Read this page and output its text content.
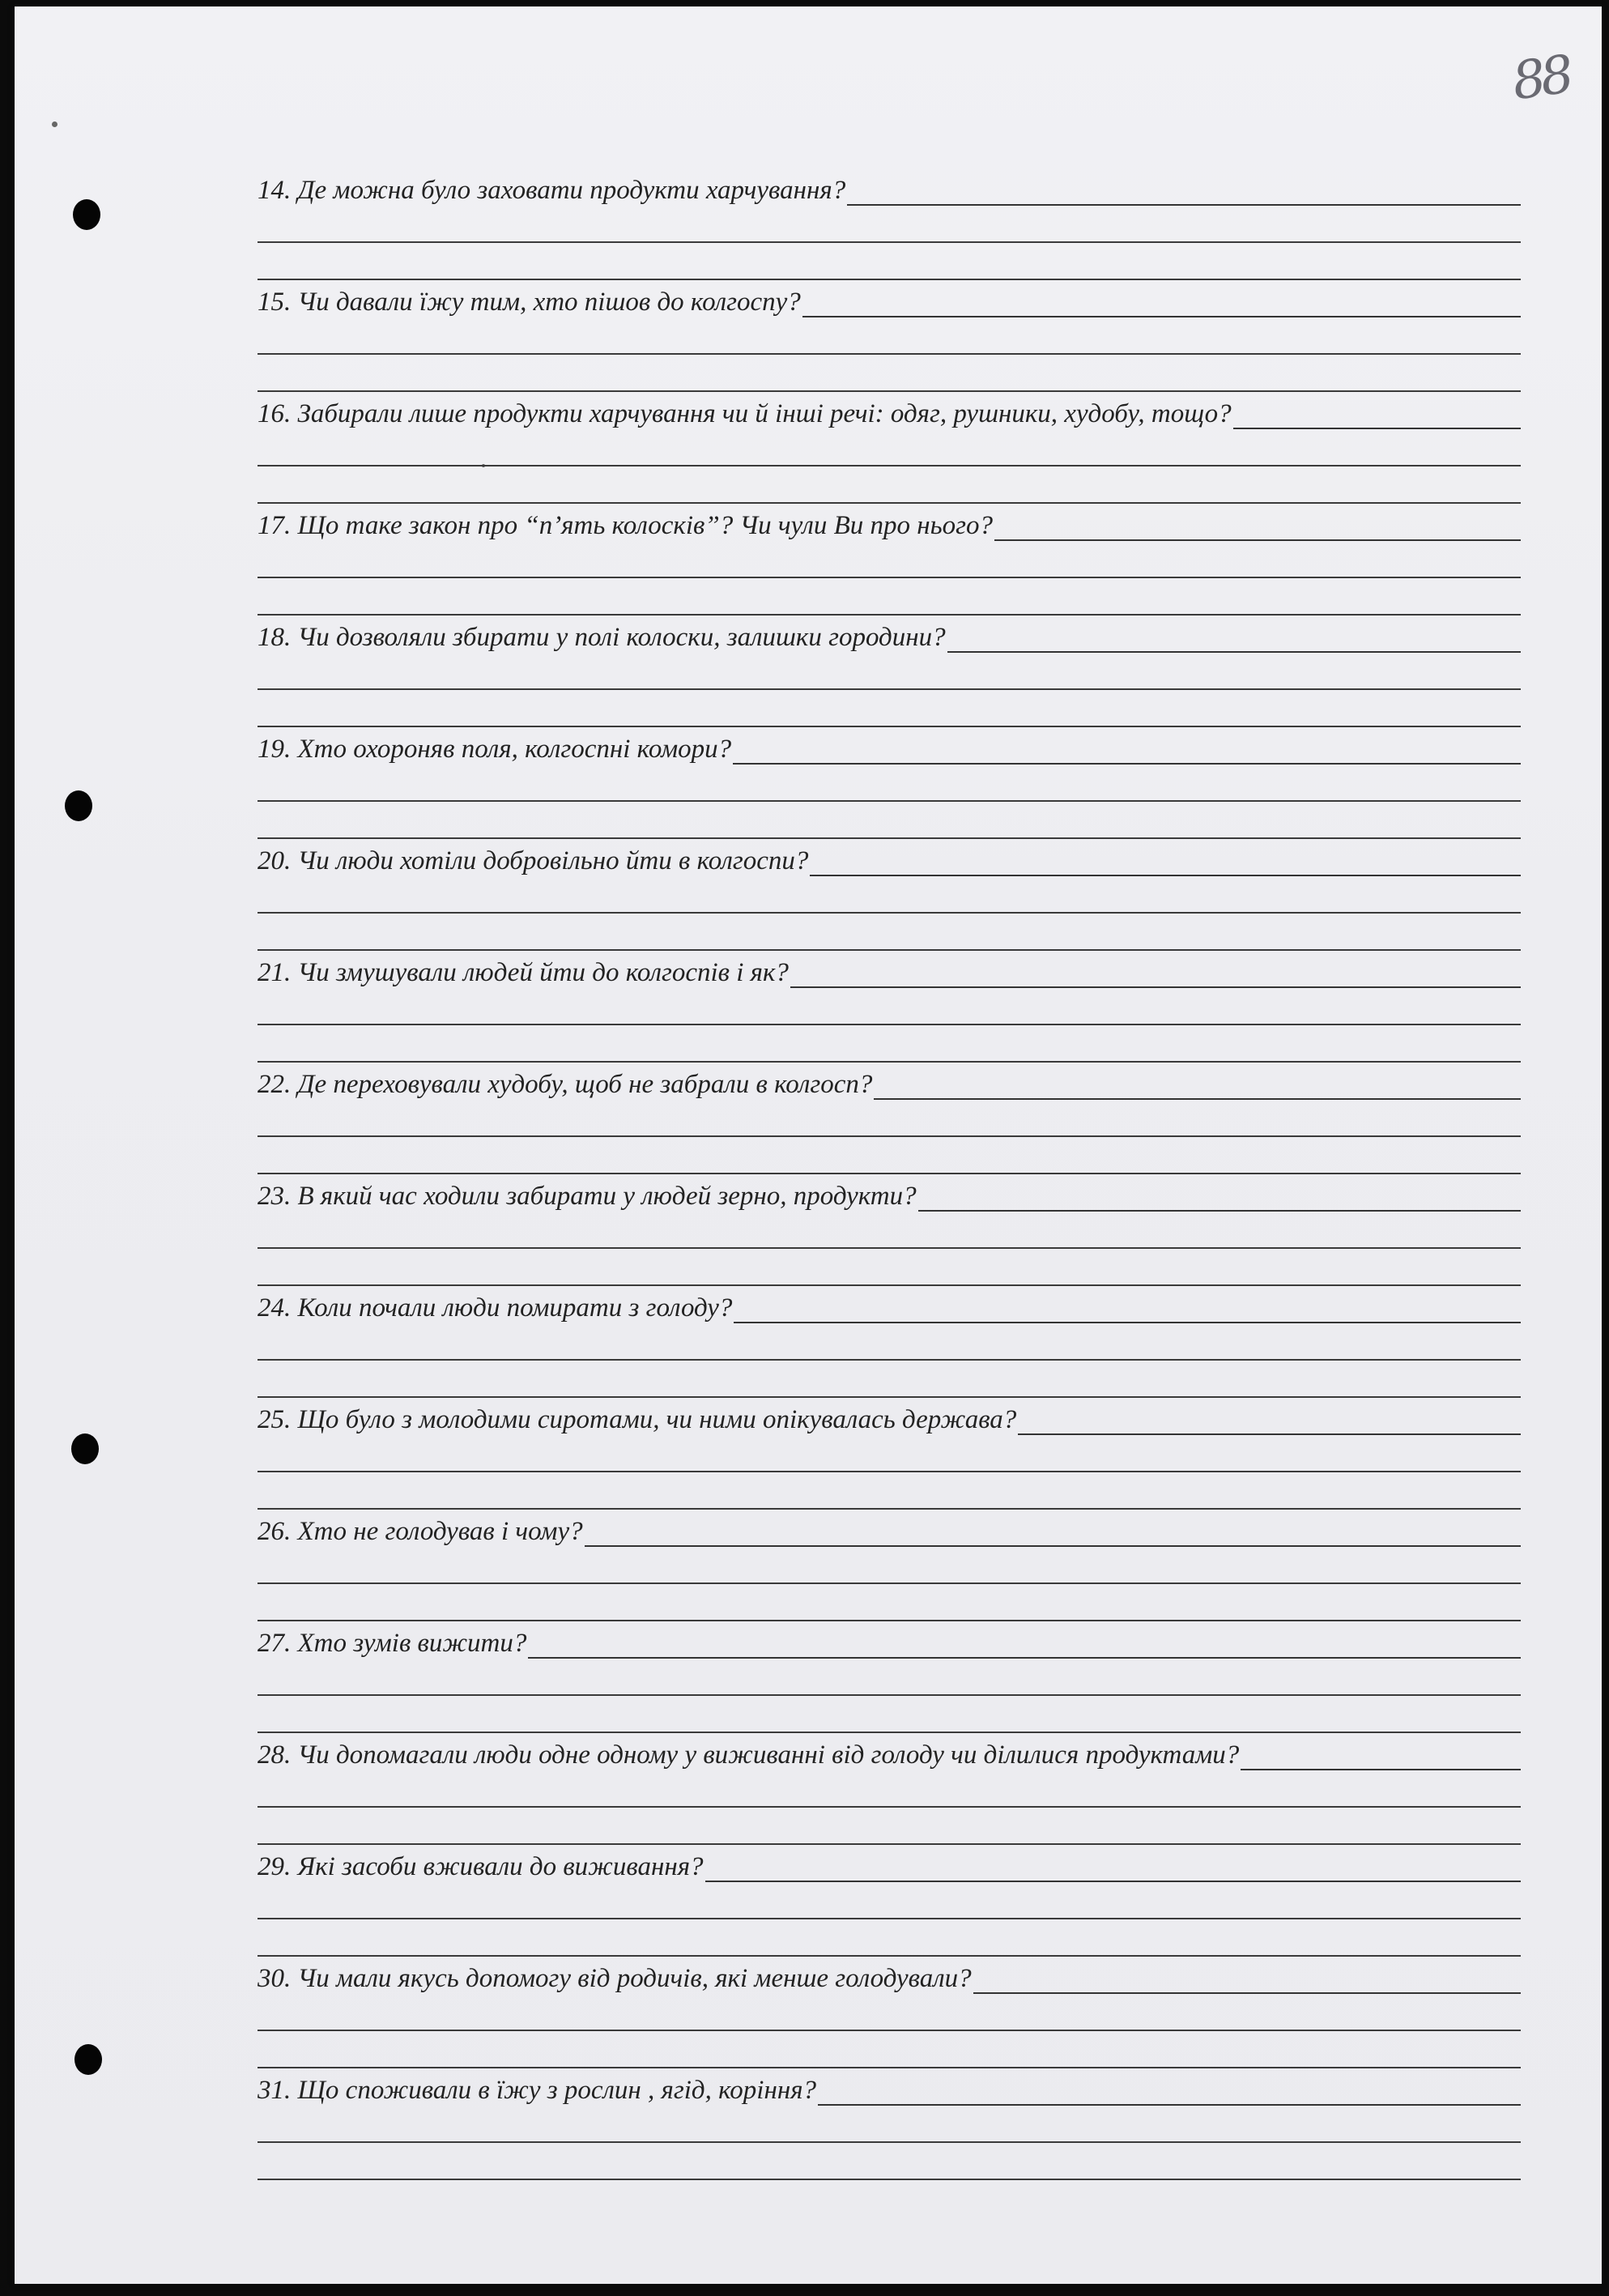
88
14. Де можна було заховати продукти харчування?
15. Чи давали їжу тим, хто пішов до колгоспу?
16. Забирали лише продукти харчування чи й інші речі: одяг, рушники, худобу, тощо?
17. Що таке закон про “п’ять колосків”? Чи чули Ви про нього?
18. Чи дозволяли збирати у полі колоски, залишки городини?
19. Хто охороняв поля, колгоспні комори?
20. Чи люди хотіли добровільно йти в колгоспи?
21. Чи змушували людей йти до колгоспів і як?
22. Де переховували худобу, щоб не забрали в колгосп?
23. В який час ходили забирати у людей зерно, продукти?
24. Коли почали люди помирати з голоду?
25. Що було з молодими сиротами, чи ними опікувалась держава?
26. Хто не голодував і чому?
27. Хто зумів вижити?
28. Чи допомагали люди одне одному у виживанні від голоду чи ділилися продуктами?
29. Які засоби вживали до виживання?
30. Чи мали якусь допомогу від родичів, які менше голодували?
31. Що споживали в їжу з рослин , ягід, коріння?
